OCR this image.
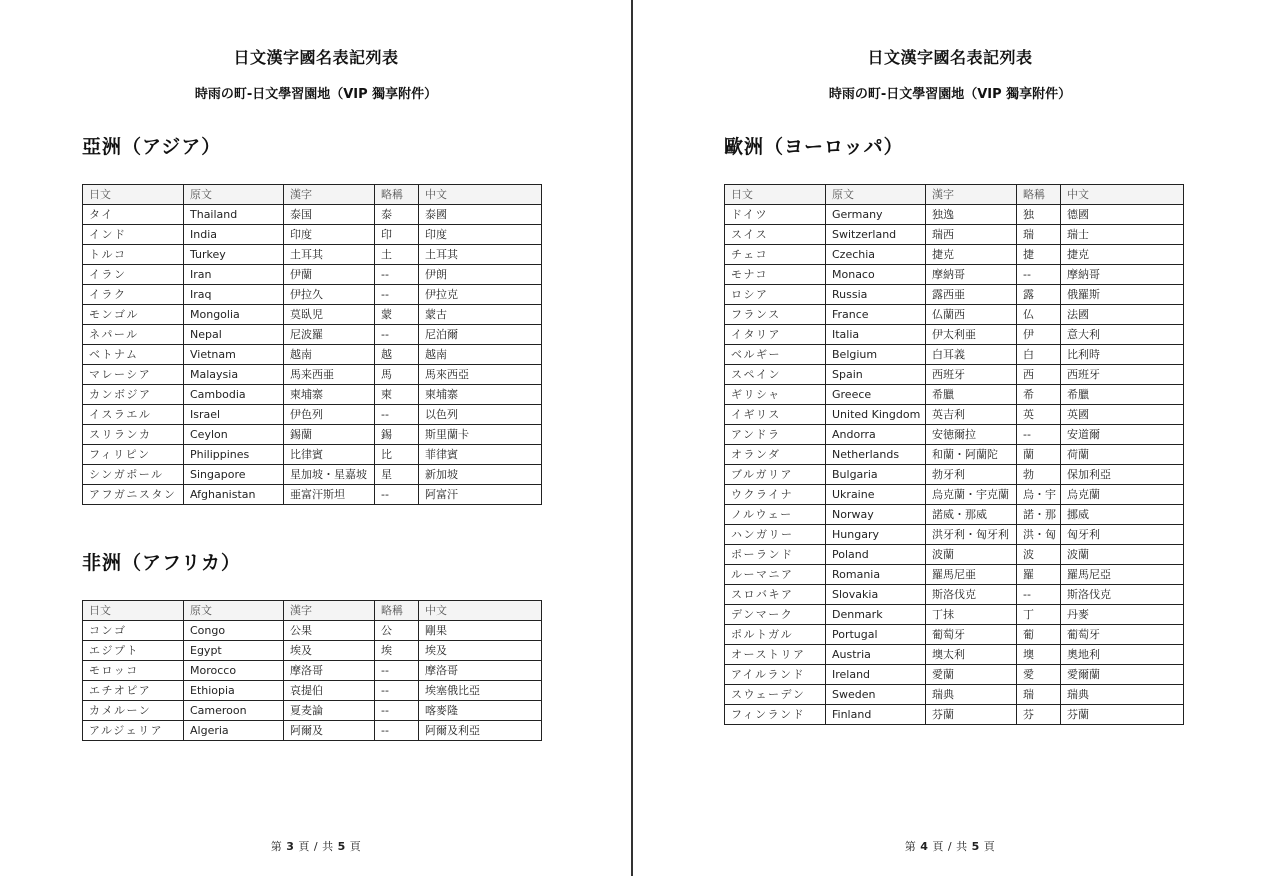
日文漢字國名表記列表
時雨の町-日文學習園地（VIP 獨享附件）
亞洲（アジア）
日文	原文	漢字	略稱	中文
タイ	Thailand	泰国	泰	泰國
インド	India	印度	印	印度
トルコ	Turkey	土耳其	土	土耳其
イラン	Iran	伊蘭	--	伊朗
イラク	Iraq	伊拉久	--	伊拉克
モンゴル	Mongolia	莫臥児	蒙	蒙古
ネパール	Nepal	尼波羅	--	尼泊爾
ベトナム	Vietnam	越南	越	越南
マレーシア	Malaysia	馬来西亜	馬	馬來西亞
カンボジア	Cambodia	柬埔寨	柬	柬埔寨
イスラエル	Israel	伊色列	--	以色列
スリランカ	Ceylon	錫蘭	錫	斯里蘭卡
フィリピン	Philippines	比律賓	比	菲律賓
シンガポール	Singapore	星加坡・星嘉坡	星	新加坡
アフガニスタン	Afghanistan	亜富汗斯坦	--	阿富汗
非洲（アフリカ）
日文	原文	漢字	略稱	中文
コンゴ	Congo	公果	公	剛果
エジプト	Egypt	埃及	埃	埃及
モロッコ	Morocco	摩洛哥	--	摩洛哥
エチオピア	Ethiopia	哀提伯	--	埃塞俄比亞
カメルーン	Cameroon	夏麦論	--	喀麥隆
アルジェリア	Algeria	阿爾及	--	阿爾及利亞
第 3 頁 / 共 5 頁
日文漢字國名表記列表
時雨の町-日文學習園地（VIP 獨享附件）
歐洲（ヨーロッパ）
日文	原文	漢字	略稱	中文
ドイツ	Germany	独逸	独	德國
スイス	Switzerland	瑞西	瑞	瑞士
チェコ	Czechia	捷克	捷	捷克
モナコ	Monaco	摩納哥	--	摩納哥
ロシア	Russia	露西亜	露	俄羅斯
フランス	France	仏蘭西	仏	法國
イタリア	Italia	伊太利亜	伊	意大利
ベルギー	Belgium	白耳義	白	比利時
スペイン	Spain	西班牙	西	西班牙
ギリシャ	Greece	希臘	希	希臘
イギリス	United Kingdom	英吉利	英	英國
アンドラ	Andorra	安徳爾拉	--	安道爾
オランダ	Netherlands	和蘭・阿蘭陀	蘭	荷蘭
ブルガリア	Bulgaria	勃牙利	勃	保加利亞
ウクライナ	Ukraine	烏克蘭・宇克蘭	烏・宇	烏克蘭
ノルウェー	Norway	諾威・那威	諾・那	挪威
ハンガリー	Hungary	洪牙利・匈牙利	洪・匈	匈牙利
ポーランド	Poland	波蘭	波	波蘭
ルーマニア	Romania	羅馬尼亜	羅	羅馬尼亞
スロバキア	Slovakia	斯洛伐克	--	斯洛伐克
デンマーク	Denmark	丁抹	丁	丹麥
ポルトガル	Portugal	葡萄牙	葡	葡萄牙
オーストリア	Austria	墺太利	墺	奧地利
アイルランド	Ireland	愛蘭	愛	愛爾蘭
スウェーデン	Sweden	瑞典	瑞	瑞典
フィンランド	Finland	芬蘭	芬	芬蘭
第 4 頁 / 共 5 頁
